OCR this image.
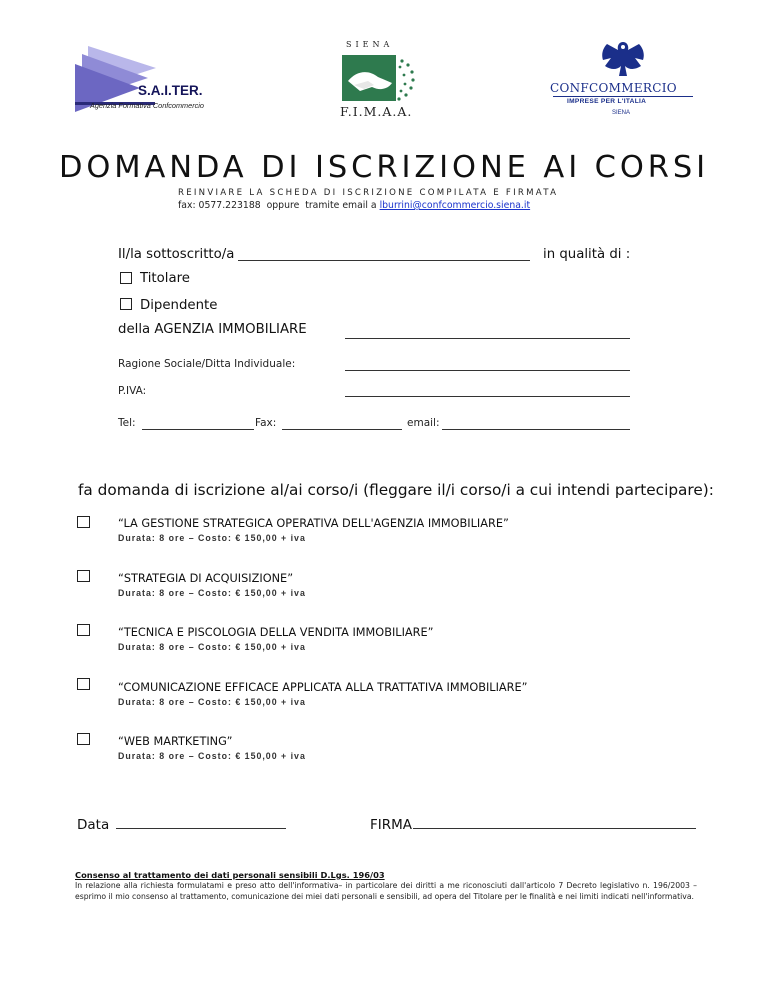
S.A.I.TER.
Agenzia Formativa Confcommercio
SIENA
F.I.M.A.A.
CONFCOMMERCIO
IMPRESE PER L'ITALIA
SIENA
DOMANDA DI ISCRIZIONE AI CORSI
REINVIARE LA SCHEDA DI ISCRIZIONE COMPILATA E FIRMATA
fax: 0577.223188  oppure  tramite email a lburrini@confcommercio.siena.it
Il/la sottoscritto/a	in qualità di :
Titolare
Dipendente
della AGENZIA IMMOBILIARE
Ragione Sociale/Ditta Individuale:
P.IVA:
Tel:	Fax:	email:
fa domanda di iscrizione al/ai corso/i (fleggare il/i corso/i a cui intendi partecipare):
“LA GESTIONE STRATEGICA OPERATIVA DELL'AGENZIA IMMOBILIARE”
Durata: 8 ore – Costo: € 150,00 + iva
“STRATEGIA DI ACQUISIZIONE”
Durata: 8 ore – Costo: € 150,00 + iva
“TECNICA E PISCOLOGIA DELLA VENDITA IMMOBILIARE”
Durata: 8 ore – Costo: € 150,00 + iva
“COMUNICAZIONE EFFICACE APPLICATA ALLA TRATTATIVA IMMOBILIARE”
Durata: 8 ore – Costo: € 150,00 + iva
“WEB MARTKETING”
Durata: 8 ore – Costo: € 150,00 + iva
Data	FIRMA
Consenso al trattamento dei dati personali sensibili D.Lgs. 196/03
In relazione alla richiesta formulatami e preso atto dell'informativa– in particolare dei diritti a me riconosciuti dall'articolo 7 Decreto legislativo n. 196/2003 – esprimo il mio consenso al trattamento, comunicazione dei miei dati personali e sensibili, ad opera del Titolare per le finalità e nei limiti indicati nell'informativa.
